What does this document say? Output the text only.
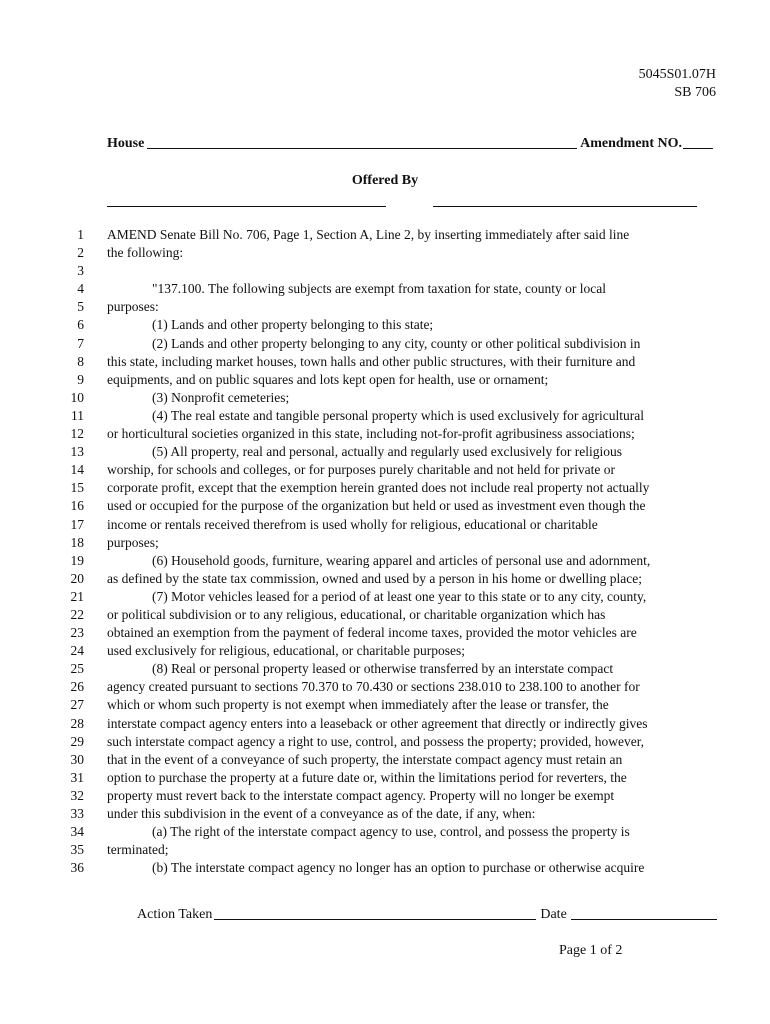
5045S01.07H
SB 706
House	Amendment NO.
Offered By
1 AMEND Senate Bill No. 706, Page 1, Section A, Line 2, by inserting immediately after said line
2 the following:
3
4	"137.100. The following subjects are exempt from taxation for state, county or local
5 purposes:
6	(1) Lands and other property belonging to this state;
7	(2) Lands and other property belonging to any city, county or other political subdivision in
8 this state, including market houses, town halls and other public structures, with their furniture and
9 equipments, and on public squares and lots kept open for health, use or ornament;
10	(3) Nonprofit cemeteries;
11	(4) The real estate and tangible personal property which is used exclusively for agricultural
12 or horticultural societies organized in this state, including not-for-profit agribusiness associations;
13	(5) All property, real and personal, actually and regularly used exclusively for religious
14 worship, for schools and colleges, or for purposes purely charitable and not held for private or
15 corporate profit, except that the exemption herein granted does not include real property not actually
16 used or occupied for the purpose of the organization but held or used as investment even though the
17 income or rentals received therefrom is used wholly for religious, educational or charitable
18 purposes;
19	(6) Household goods, furniture, wearing apparel and articles of personal use and adornment,
20 as defined by the state tax commission, owned and used by a person in his home or dwelling place;
21	(7) Motor vehicles leased for a period of at least one year to this state or to any city, county,
22 or political subdivision or to any religious, educational, or charitable organization which has
23 obtained an exemption from the payment of federal income taxes, provided the motor vehicles are
24 used exclusively for religious, educational, or charitable purposes;
25	(8) Real or personal property leased or otherwise transferred by an interstate compact
26 agency created pursuant to sections 70.370 to 70.430 or sections 238.010 to 238.100 to another for
27 which or whom such property is not exempt when immediately after the lease or transfer, the
28 interstate compact agency enters into a leaseback or other agreement that directly or indirectly gives
29 such interstate compact agency a right to use, control, and possess the property; provided, however,
30 that in the event of a conveyance of such property, the interstate compact agency must retain an
31 option to purchase the property at a future date or, within the limitations period for reverters, the
32 property must revert back to the interstate compact agency. Property will no longer be exempt
33 under this subdivision in the event of a conveyance as of the date, if any, when:
34	(a) The right of the interstate compact agency to use, control, and possess the property is
35 terminated;
36	(b) The interstate compact agency no longer has an option to purchase or otherwise acquire
Action Taken	Date
Page 1 of 2
